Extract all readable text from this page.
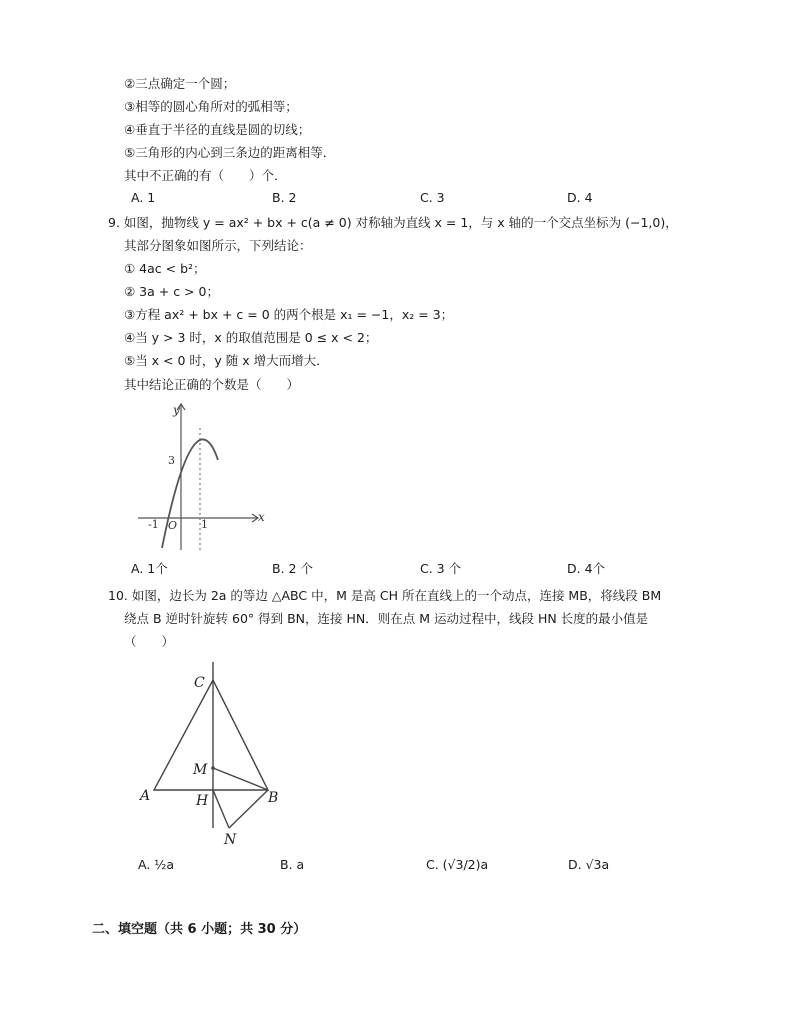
②三点确定一个圆；
③相等的圆心角所对的弧相等；
④垂直于半径的直线是圆的切线；
⑤三角形的内心到三条边的距离相等．
其中不正确的有（　　）个．
A. 1	B. 2	C. 3	D. 4
9. 如图，抛物线 y = ax² + bx + c(a ≠ 0) 对称轴为直线 x = 1，与 x 轴的一个交点坐标为 (−1,0)，
其部分图象如图所示，下列结论：
① 4ac < b²；
② 3a + c > 0；
③方程 ax² + bx + c = 0 的两个根是 x₁ = −1，x₂ = 3；
④当 y > 3 时，x 的取值范围是 0 ≤ x < 2；
⑤当 x < 0 时，y 随 x 增大而增大．
其中结论正确的个数是（　　）
y
x
3
-1 O 1
A. 1个	B. 2 个	C. 3 个	D. 4个
10. 如图，边长为 2a 的等边 △ABC 中，M 是高 CH 所在直线上的一个动点，连接 MB，将线段 BM
绕点 B 逆时针旋转 60° 得到 BN，连接 HN．则在点 M 运动过程中，线段 HN 长度的最小值是
（　　）
C
M
A	H	B
N
A. ½a	B. a	C. (√3/2)a	D. √3a
二、填空题（共 6 小题；共 30 分）
